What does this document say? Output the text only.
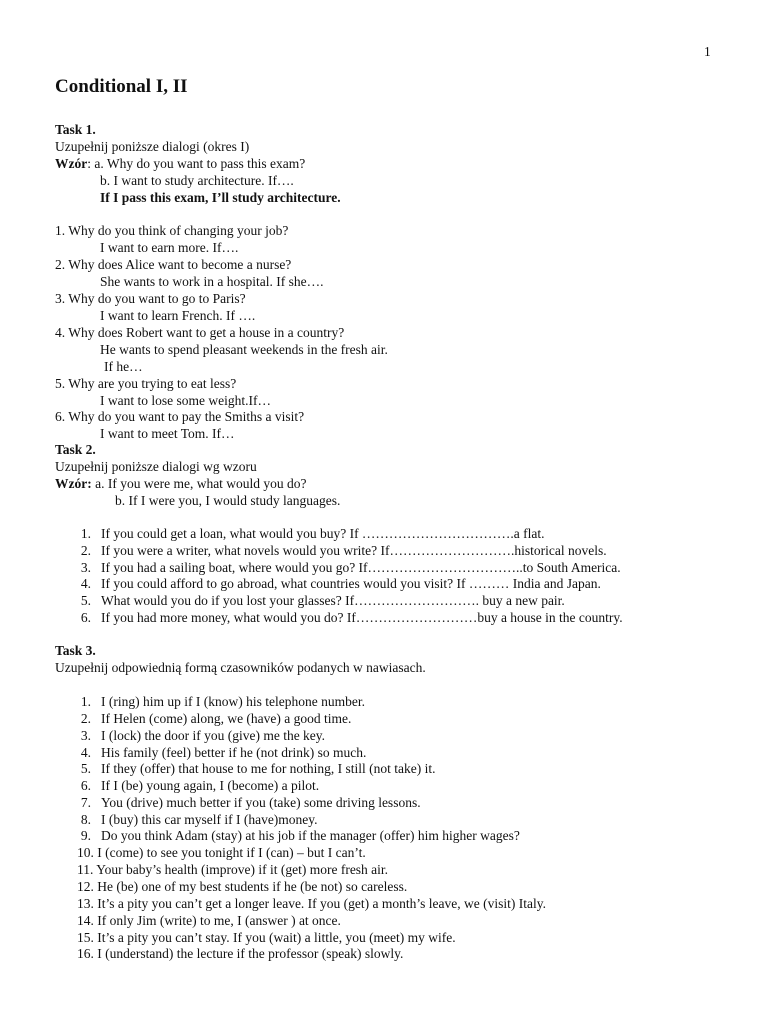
1
Conditional I, II
Task 1.
Uzupełnij poniższe dialogi (okres I)
Wzór: a. Why do you want to pass this exam?
b. I want to study architecture. If….
If I pass this exam, I’ll study architecture.
1. Why do you think of changing your job?
I want to earn more. If….
2. Why does Alice want to become a nurse?
She wants to work in a hospital. If she….
3. Why do you want to go to Paris?
I want to learn French. If ….
4. Why does Robert want to get a house in a country?
He wants to spend pleasant weekends in the fresh air.
If he…
5. Why are you trying to eat less?
I want to lose some weight.If…
6. Why do you want to pay the Smiths a visit?
I want to meet Tom. If…
Task 2.
Uzupełnij poniższe dialogi wg wzoru
Wzór: a. If you were me, what would you do?
b. If I were you, I would study languages.
1. If you could get a loan, what would you buy? If …………………………….a flat.
2. If you were a writer, what novels would you write? If……………………….historical novels.
3. If you had a sailing boat, where would you go? If……………………………..to South America.
4. If you could afford to go abroad, what countries would you visit? If ……… India and Japan.
5. What would you do if you lost your glasses? If………………………. buy a new pair.
6. If you had more money, what would you do? If………………………buy a house in the country.
Task 3.
Uzupełnij odpowiednią formą czasowników podanych w nawiasach.
1. I (ring) him up if I (know) his telephone number.
2. If Helen (come) along, we (have) a good time.
3. I (lock) the door if you (give) me the key.
4. His family (feel) better if he (not drink) so much.
5. If they (offer) that house to me for nothing, I still (not take) it.
6. If I (be) young again, I (become) a pilot.
7. You (drive) much better if you (take) some driving lessons.
8. I (buy) this car myself if I (have)money.
9. Do you think Adam (stay) at his job if the manager (offer) him higher wages?
10. I (come) to see you tonight if I (can) – but I can’t.
11. Your baby’s health (improve) if it (get) more fresh air.
12. He (be) one of my best students if he (be not) so careless.
13. It’s a pity you can’t get a longer leave. If you (get) a month’s leave, we (visit) Italy.
14. If only Jim (write) to me, I (answer ) at once.
15. It’s a pity you can’t stay. If you (wait) a little, you (meet) my wife.
16. I (understand) the lecture if the professor (speak) slowly.
